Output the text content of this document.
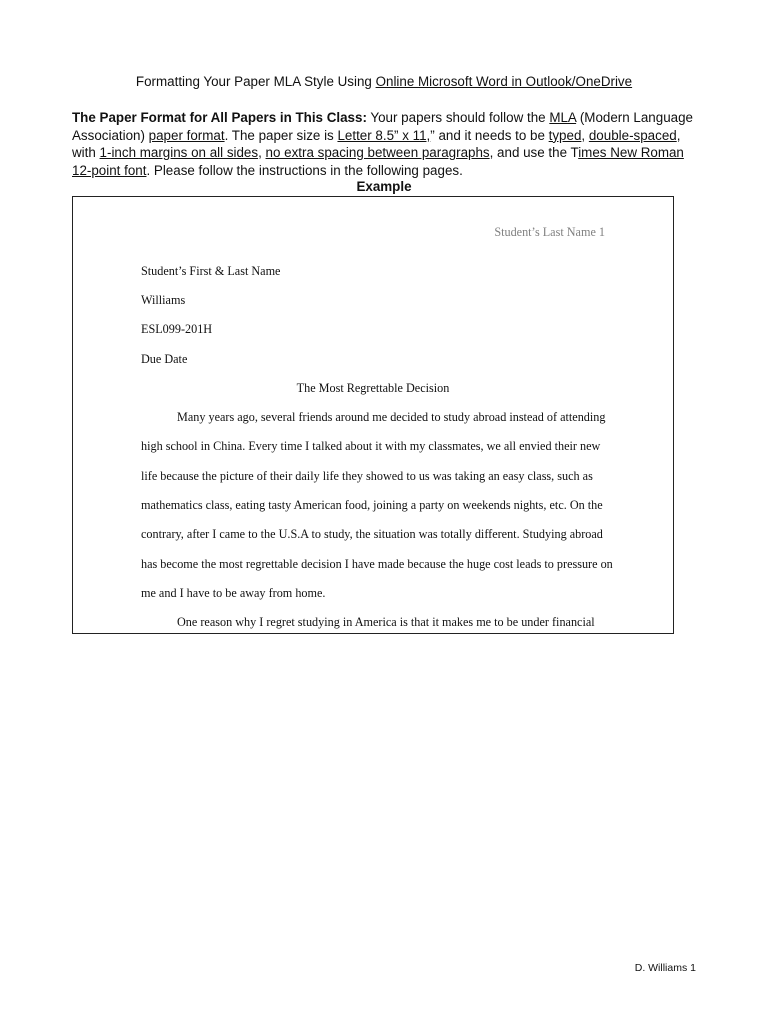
Formatting Your Paper MLA Style Using Online Microsoft Word in Outlook/OneDrive
The Paper Format for All Papers in This Class: Your papers should follow the MLA (Modern Language Association) paper format. The paper size is Letter 8.5” x 11,” and it needs to be typed, double-spaced, with 1-inch margins on all sides, no extra spacing between paragraphs, and use the Times New Roman 12-point font. Please follow the instructions in the following pages.
Example
Student’s Last Name 1
Student’s First & Last Name
Williams
ESL099-201H
Due Date
The Most Regrettable Decision
Many years ago, several friends around me decided to study abroad instead of attending
high school in China. Every time I talked about it with my classmates, we all envied their new
life because the picture of their daily life they showed to us was taking an easy class, such as
mathematics class, eating tasty American food, joining a party on weekends nights, etc. On the
contrary, after I came to the U.S.A to study, the situation was totally different. Studying abroad
has become the most regrettable decision I have made because the huge cost leads to pressure on
me and I have to be away from home.
One reason why I regret studying in America is that it makes me to be under financial
D. Williams 1
